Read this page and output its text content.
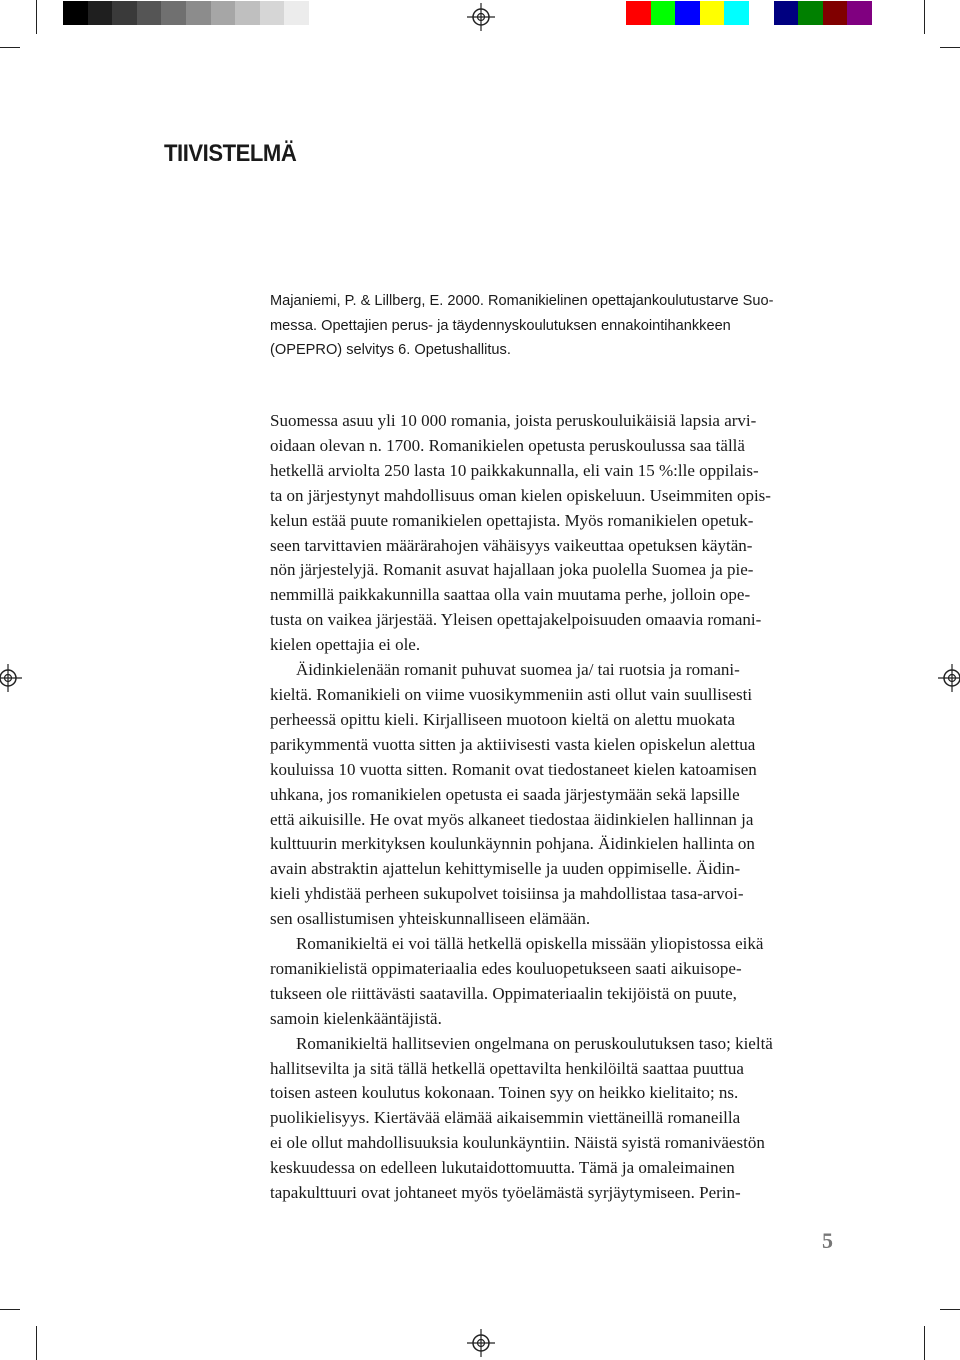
TIIVISTELMÄ
Majaniemi, P. & Lillberg, E. 2000. Romanikielinen opettajankoulutustarve Suo-
messa. Opettajien perus- ja täydennyskoulutuksen ennakointihankkeen
(OPEPRO) selvitys 6. Opetushallitus.
Suomessa asuu yli 10 000 romania, joista peruskouluikäisiä lapsia arvi-
oidaan olevan n. 1700. Romanikielen opetusta peruskoulussa saa tällä
hetkellä arviolta 250 lasta 10 paikkakunnalla, eli vain 15 %:lle oppilais-
ta on järjestynyt mahdollisuus oman kielen opiskeluun. Useimmiten opis-
kelun estää puute romanikielen opettajista. Myös romanikielen opetuk-
seen tarvittavien määrärahojen vähäisyys vaikeuttaa opetuksen käytän-
nön järjestelyjä. Romanit asuvat hajallaan joka puolella Suomea ja pie-
nemmillä paikkakunnilla saattaa olla vain muutama perhe, jolloin ope-
tusta on vaikea järjestää. Yleisen opettajakelpoisuuden omaavia romani-
kielen opettajia ei ole.
Äidinkielenään romanit puhuvat suomea ja/ tai ruotsia ja romani-
kieltä. Romanikieli on viime vuosikymmeniin asti ollut vain suullisesti
perheessä opittu kieli. Kirjalliseen muotoon kieltä on alettu muokata
parikymmentä vuotta sitten ja aktiivisesti vasta kielen opiskelun alettua
kouluissa 10 vuotta sitten. Romanit ovat tiedostaneet kielen katoamisen
uhkana, jos romanikielen opetusta ei saada järjestymään sekä lapsille
että aikuisille. He ovat myös alkaneet tiedostaa äidinkielen hallinnan ja
kulttuurin merkityksen koulunkäynnin pohjana. Äidinkielen hallinta on
avain abstraktin ajattelun kehittymiselle ja uuden oppimiselle. Äidin-
kieli yhdistää perheen sukupolvet toisiinsa ja mahdollistaa tasa-arvoi-
sen osallistumisen yhteiskunnalliseen elämään.
Romanikieltä ei voi tällä hetkellä opiskella missään yliopistossa eikä
romanikielistä oppimateriaalia edes kouluopetukseen saati aikuisope-
tukseen ole riittävästi saatavilla. Oppimateriaalin tekijöistä on puute,
samoin kielenkääntäjistä.
Romanikieltä hallitsevien ongelmana on peruskoulutuksen taso; kieltä
hallitsevilta ja sitä tällä hetkellä opettavilta henkilöiltä saattaa puuttua
toisen asteen koulutus kokonaan. Toinen syy on heikko kielitaito; ns.
puolikielisyys. Kiertävää elämää aikaisemmin viettäneillä romaneilla
ei ole ollut mahdollisuuksia koulunkäyntiin. Näistä syistä romaniväestön
keskuudessa on edelleen lukutaidottomuutta. Tämä ja omaleimainen
tapakulttuuri ovat johtaneet myös työelämästä syrjäytymiseen. Perin-
5
